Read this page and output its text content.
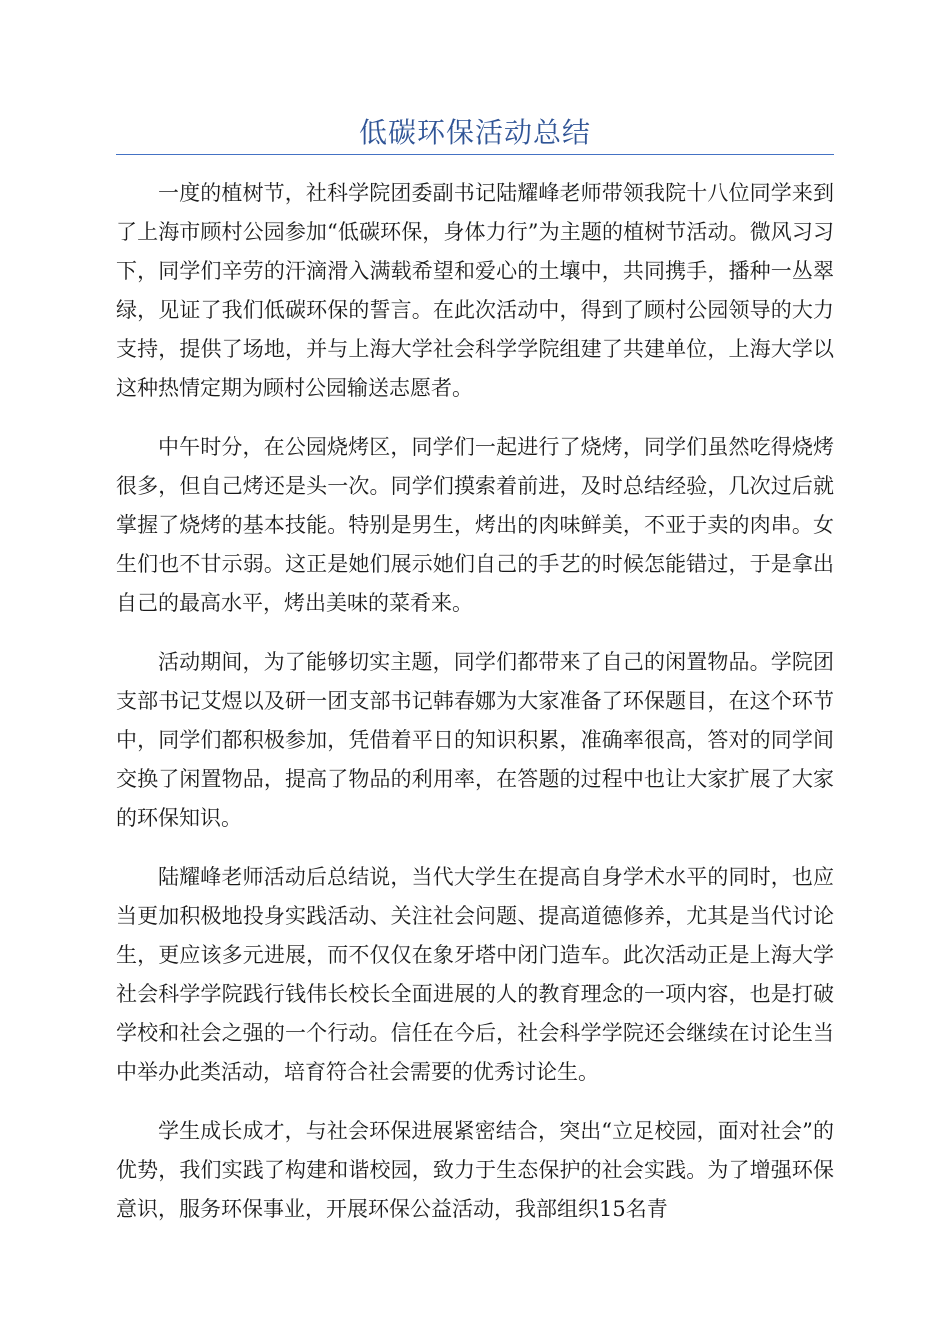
低碳环保活动总结

一度的植树节，社科学院团委副书记陆耀峰老师带领我院十八位同学来到了上海市顾村公园参加“低碳环保，身体力行”为主题的植树节活动。微风习习下，同学们辛劳的汗滴滑入满载希望和爱心的土壤中，共同携手，播种一丛翠绿，见证了我们低碳环保的誓言。在此次活动中，得到了顾村公园领导的大力支持，提供了场地，并与上海大学社会科学学院组建了共建单位，上海大学以这种热情定期为顾村公园输送志愿者。

中午时分，在公园烧烤区，同学们一起进行了烧烤，同学们虽然吃得烧烤很多，但自己烤还是头一次。同学们摸索着前进，及时总结经验，几次过后就掌握了烧烤的基本技能。特别是男生，烤出的肉味鲜美，不亚于卖的肉串。女生们也不甘示弱。这正是她们展示她们自己的手艺的时候怎能错过，于是拿出自己的最高水平，烤出美味的菜肴来。

活动期间，为了能够切实主题，同学们都带来了自己的闲置物品。学院团支部书记艾煜以及研一团支部书记韩春娜为大家准备了环保题目，在这个环节中，同学们都积极参加，凭借着平日的知识积累，准确率很高，答对的同学间交换了闲置物品，提高了物品的利用率，在答题的过程中也让大家扩展了大家的环保知识。

陆耀峰老师活动后总结说，当代大学生在提高自身学术水平的同时，也应当更加积极地投身实践活动、关注社会问题、提高道德修养，尤其是当代讨论生，更应该多元进展，而不仅仅在象牙塔中闭门造车。此次活动正是上海大学社会科学学院践行钱伟长校长全面进展的人的教育理念的一项内容，也是打破学校和社会之强的一个行动。信任在今后，社会科学学院还会继续在讨论生当中举办此类活动，培育符合社会需要的优秀讨论生。

学生成长成才，与社会环保进展紧密结合，突出“立足校园，面对社会”的优势，我们实践了构建和谐校园，致力于生态保护的社会实践。为了增强环保意识，服务环保事业，开展环保公益活动，我部组织15名青
